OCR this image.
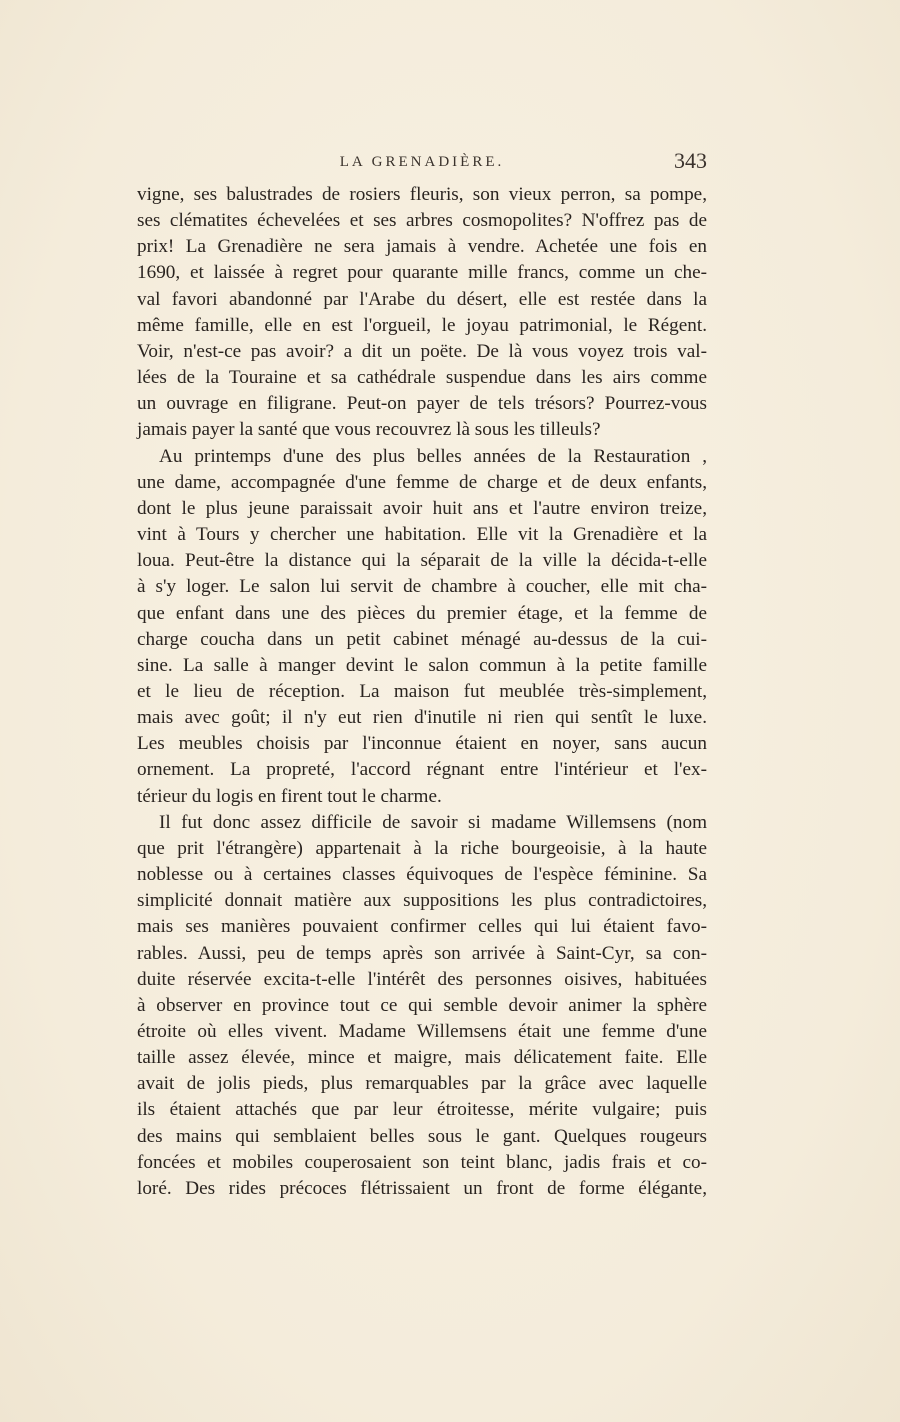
LA GRENADIÈRE.	343

vigne, ses balustrades de rosiers fleuris, son vieux perron, sa pompe,
ses clématites échevelées et ses arbres cosmopolites? N'offrez pas de
prix! La Grenadière ne sera jamais à vendre. Achetée une fois en
1690, et laissée à regret pour quarante mille francs, comme un che-
val favori abandonné par l'Arabe du désert, elle est restée dans la
même famille, elle en est l'orgueil, le joyau patrimonial, le Régent.
Voir, n'est-ce pas avoir? a dit un poëte. De là vous voyez trois val-
lées de la Touraine et sa cathédrale suspendue dans les airs comme
un ouvrage en filigrane. Peut-on payer de tels trésors? Pourrez-vous

jamais payer la santé que vous recouvrez là sous les tilleuls?

Au printemps d'une des plus belles années de la Restauration ,
une dame, accompagnée d'une femme de charge et de deux enfants,
dont le plus jeune paraissait avoir huit ans et l'autre environ treize,
vint à Tours y chercher une habitation. Elle vit la Grenadière et la
loua. Peut-être la distance qui la séparait de la ville la décida-t-elle
à s'y loger. Le salon lui servit de chambre à coucher, elle mit cha-
que enfant dans une des pièces du premier étage, et la femme de
charge coucha dans un petit cabinet ménagé au-dessus de la cui-
sine. La salle à manger devint le salon commun à la petite famille
et le lieu de réception. La maison fut meublée très-simplement,
mais avec goût; il n'y eut rien d'inutile ni rien qui sentît le luxe.
Les meubles choisis par l'inconnue étaient en noyer, sans aucun
ornement. La propreté, l'accord régnant entre l'intérieur et l'ex-

térieur du logis en firent tout le charme.

Il fut donc assez difficile de savoir si madame Willemsens (nom
que prit l'étrangère) appartenait à la riche bourgeoisie, à la haute
noblesse ou à certaines classes équivoques de l'espèce féminine. Sa
simplicité donnait matière aux suppositions les plus contradictoires,
mais ses manières pouvaient confirmer celles qui lui étaient favo-
rables. Aussi, peu de temps après son arrivée à Saint-Cyr, sa con-
duite réservée excita-t-elle l'intérêt des personnes oisives, habituées
à observer en province tout ce qui semble devoir animer la sphère
étroite où elles vivent. Madame Willemsens était une femme d'une
taille assez élevée, mince et maigre, mais délicatement faite. Elle
avait de jolis pieds, plus remarquables par la grâce avec laquelle
ils étaient attachés que par leur étroitesse, mérite vulgaire; puis
des mains qui semblaient belles sous le gant. Quelques rougeurs
foncées et mobiles couperosaient son teint blanc, jadis frais et co-
loré. Des rides précoces flétrissaient un front de forme élégante,
